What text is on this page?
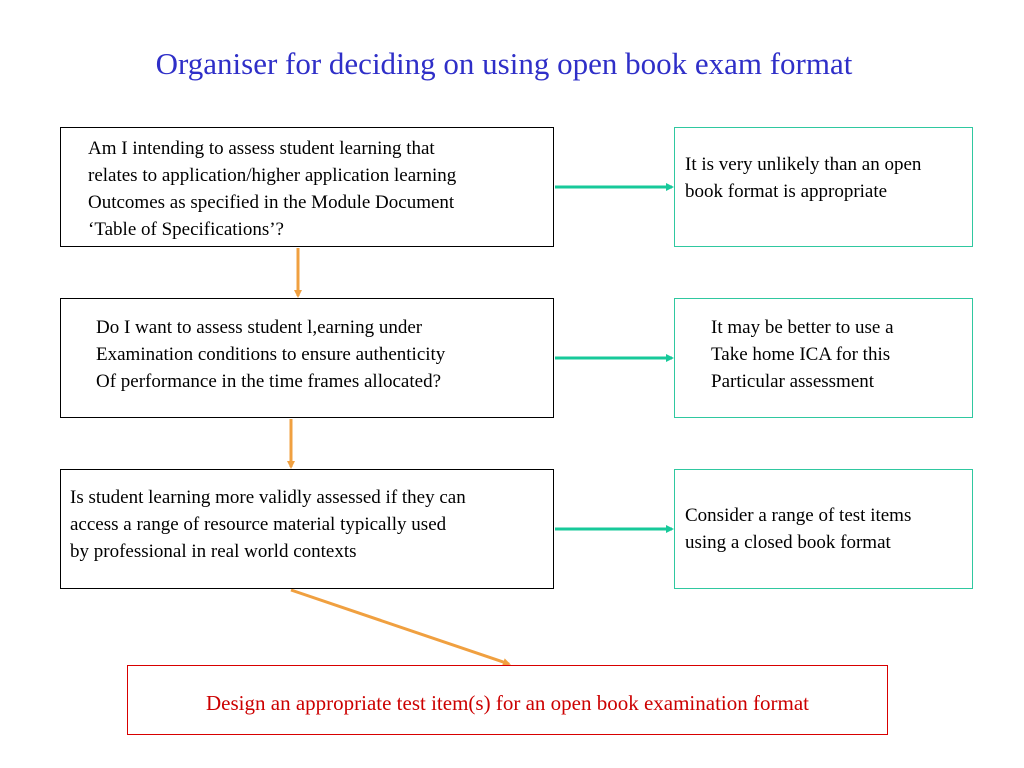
Organiser for deciding on using open book exam format
Am I intending to assess student learning that
relates to application/higher application learning
Outcomes as specified in the Module Document
‘Table of Specifications’?
Do I want to assess student l,earning under
Examination conditions to ensure authenticity
Of performance in the time frames allocated?
Is student learning more validly assessed if they can
access a range of resource material typically used
by professional in real world contexts
It is very unlikely than an open
book format is appropriate
It may be better to use a
Take home ICA for this
Particular assessment
Consider a range of test items
using a closed book format
Design an appropriate test item(s) for an open book examination format
